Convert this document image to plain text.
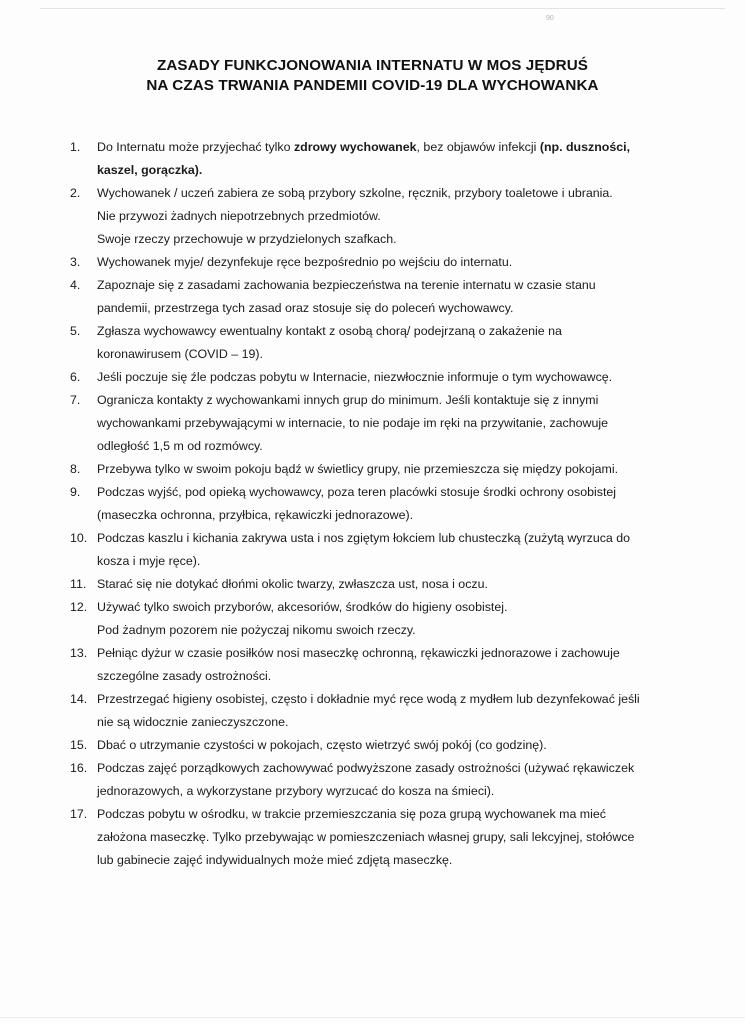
90
ZASADY FUNKCJONOWANIA INTERNATU W MOS JĘDRUŚ
NA CZAS TRWANIA PANDEMII COVID-19 DLA WYCHOWANKA
1.	Do Internatu może przyjechać tylko zdrowy wychowanek, bez objawów infekcji (np. duszności,
kaszel, gorączka).
2.	Wychowanek / uczeń zabiera ze sobą przybory szkolne, ręcznik, przybory toaletowe i ubrania.
Nie przywozi żadnych niepotrzebnych przedmiotów.
Swoje rzeczy przechowuje w przydzielonych szafkach.
3.	Wychowanek myje/ dezynfekuje ręce bezpośrednio po wejściu do internatu.
4.	Zapoznaje się z zasadami zachowania bezpieczeństwa na terenie internatu w czasie stanu
pandemii, przestrzega tych zasad oraz stosuje się do poleceń wychowawcy.
5.	Zgłasza wychowawcy ewentualny kontakt z osobą chorą/ podejrzaną o zakażenie na
koronawirusem (COVID – 19).
6.	Jeśli poczuje się źle podczas pobytu w Internacie, niezwłocznie informuje o tym wychowawcę.
7.	Ogranicza kontakty z wychowankami innych grup do minimum. Jeśli kontaktuje się z innymi
wychowankami przebywającymi w internacie, to nie podaje im ręki na przywitanie, zachowuje
odległość 1,5 m od rozmówcy.
8.	Przebywa tylko w swoim pokoju bądź w świetlicy grupy, nie przemieszcza się między pokojami.
9.	Podczas wyjść, pod opieką wychowawcy, poza teren placówki stosuje środki ochrony osobistej
(maseczka ochronna, przyłbica, rękawiczki jednorazowe).
10. Podczas kaszlu i kichania zakrywa usta i nos zgiętym łokciem lub chusteczką (zużytą wyrzuca do
kosza i myje ręce).
11. Starać się nie dotykać dłońmi okolic twarzy, zwłaszcza ust, nosa i oczu.
12. Używać tylko swoich przyborów, akcesoriów, środków do higieny osobistej.
Pod żadnym pozorem nie pożyczaj nikomu swoich rzeczy.
13. Pełniąc dyżur w czasie posiłków nosi maseczkę ochronną, rękawiczki jednorazowe i zachowuje
szczególne zasady ostrożności.
14. Przestrzegać higieny osobistej, często i dokładnie myć ręce wodą z mydłem lub dezynfekować jeśli
nie są widocznie zanieczyszczone.
15. Dbać o utrzymanie czystości w pokojach, często wietrzyć swój pokój (co godzinę).
16. Podczas zajęć porządkowych zachowywać podwyższone zasady ostrożności (używać rękawiczek
jednorazowych, a wykorzystane przybory wyrzucać do kosza na śmieci).
17. Podczas pobytu w ośrodku, w trakcie przemieszczania się poza grupą wychowanek ma mieć
założona maseczkę. Tylko przebywając w pomieszczeniach własnej grupy, sali lekcyjnej, stołówce
lub gabinecie zajęć indywidualnych może mieć zdjętą maseczkę.
